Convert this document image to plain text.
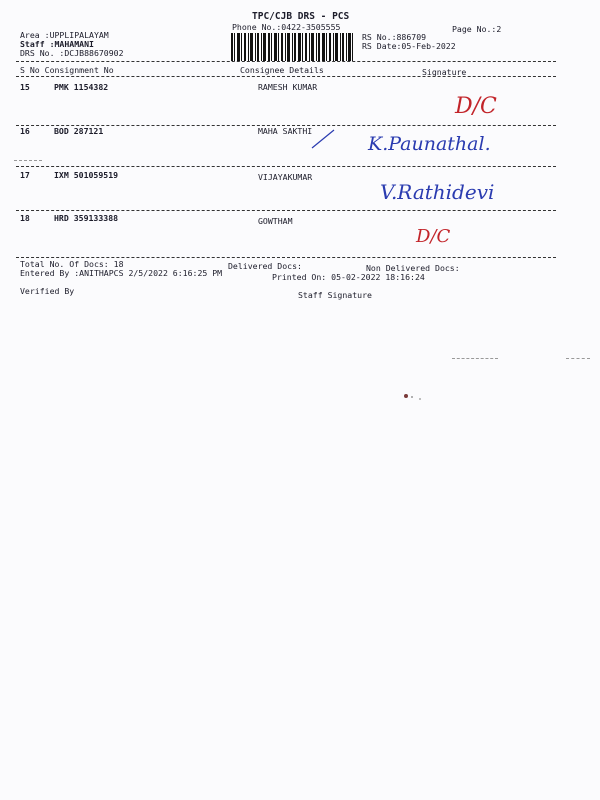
TPC/CJB DRS - PCS
Phone No.:0422-3505555	Page No.:2
Area :UPPLIPALAYAM
Staff :MAHAMANI
DRS No. :DCJB88670902
RS No.:886709
RS Date:05-Feb-2022
S No Consignment No	Consignee Details	Signature
15	PMK 1154382	RAMESH KUMAR
D/C
16	BOD 287121	MAHA SAKTHI
K.Paunathal.
17	IXM 501059519	VIJAYAKUMAR
V.Rathidevi
18	HRD 359133388	GOWTHAM
D/C
Total No. Of Docs: 18	Delivered Docs:	Non Delivered Docs:
Entered By :ANITHAPCS 2/5/2022 6:16:25 PM	Printed On: 05-02-2022 18:16:24
Verified By	Staff Signature
